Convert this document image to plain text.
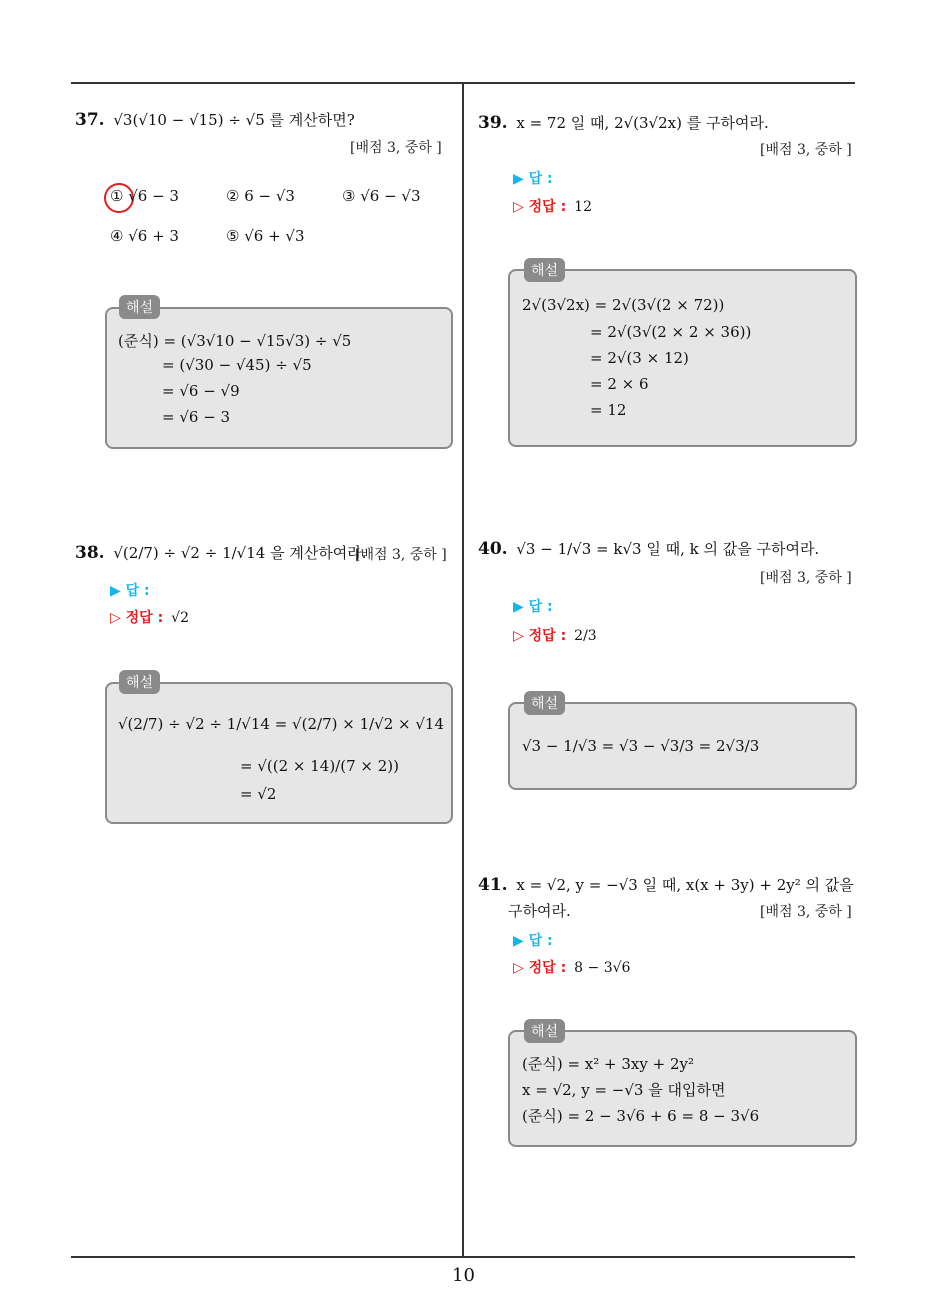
37. √3(√10 − √15) ÷ √5 를 계산하면?
[배점 3, 중하 ]
① √6 − 3	② 6 − √3	③ √6 − √3
④ √6 + 3	⑤ √6 + √3
해설
(준식) = (√3√10 − √15√3) ÷ √5
= (√30 − √45) ÷ √5
= √6 − √9
= √6 − 3
38. √(2/7) ÷ √2 ÷ 1/√14 을 계산하여라.
[배점 3, 중하 ]
▶ 답 :
▷ 정답 : √2
해설
√(2/7) ÷ √2 ÷ 1/√14 = √(2/7) × 1/√2 × √14
= √((2 × 14)/(7 × 2))
= √2
39. x = 72 일 때, 2√(3√2x) 를 구하여라.
[배점 3, 중하 ]
▶ 답 :
▷ 정답 : 12
해설
2√(3√2x) = 2√(3√(2 × 72))
= 2√(3√(2 × 2 × 36))
= 2√(3 × 12)
= 2 × 6
= 12
40. √3 − 1/√3 = k√3 일 때, k 의 값을 구하여라.
[배점 3, 중하 ]
▶ 답 :
▷ 정답 : 2/3
해설
√3 − 1/√3 = √3 − √3/3 = 2√3/3
41. x = √2, y = −√3 일 때, x(x + 3y) + 2y² 의 값을
구하여라.	[배점 3, 중하 ]
▶ 답 :
▷ 정답 : 8 − 3√6
해설
(준식) = x² + 3xy + 2y²
x = √2, y = −√3 을 대입하면
(준식) = 2 − 3√6 + 6 = 8 − 3√6
10
